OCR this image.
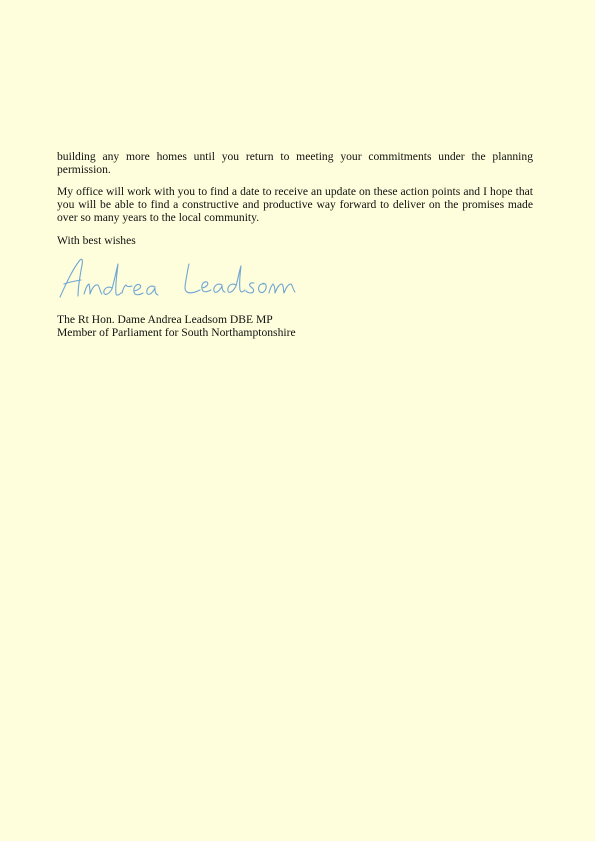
building any more homes until you return to meeting your commitments under the planning permission.

My office will work with you to find a date to receive an update on these action points and I hope that you will be able to find a constructive and productive way forward to deliver on the promises made over so many years to the local community.

With best wishes

The Rt Hon. Dame Andrea Leadsom DBE MP
Member of Parliament for South Northamptonshire
